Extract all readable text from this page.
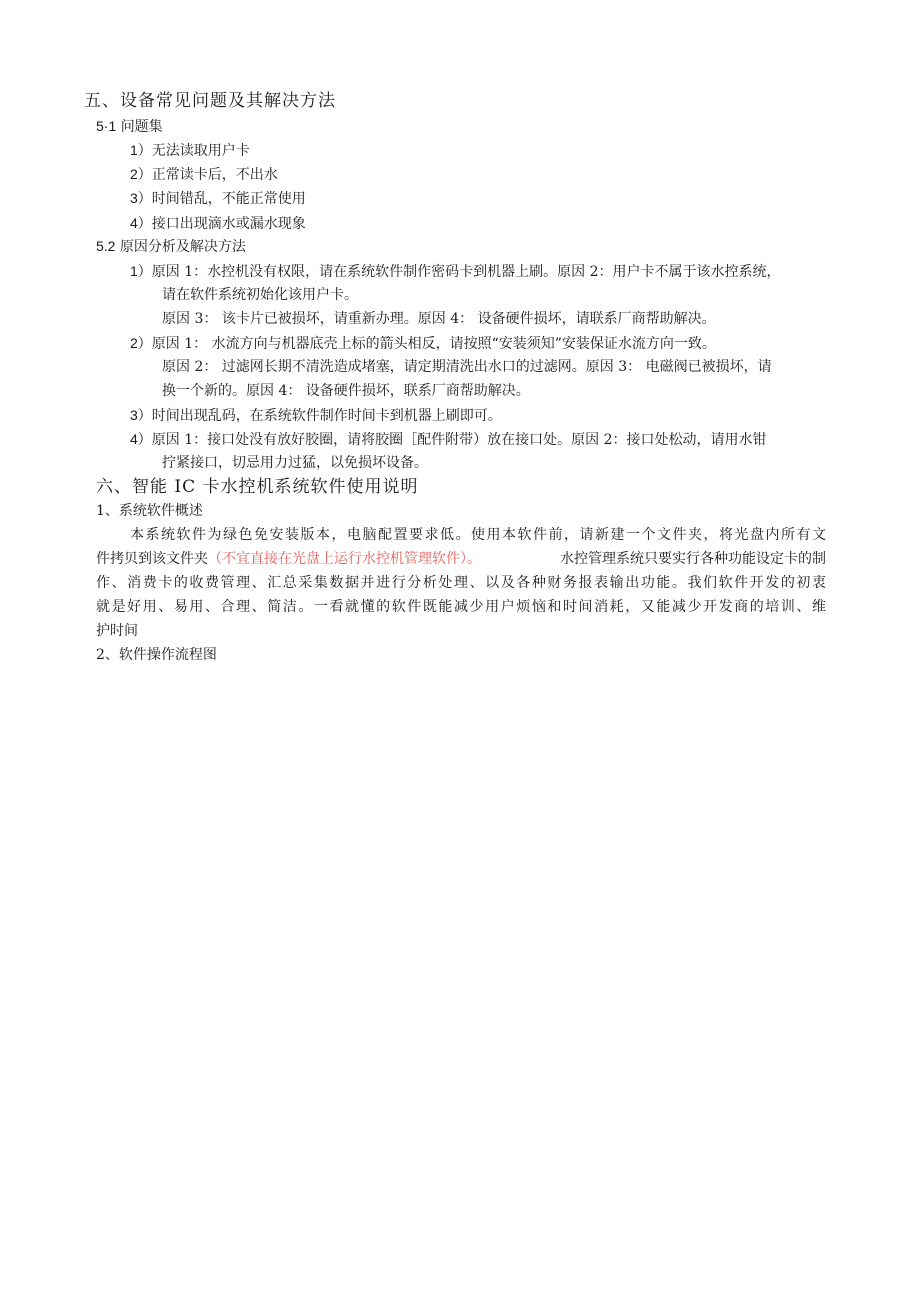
五、设备常见问题及其解决方法
5·1 问题集
1）无法读取用户卡
2）正常读卡后，不出水
3）时间错乱，不能正常使用
4）接口出现滴水或漏水现象
5.2 原因分析及解决方法
1）原因 1：水控机没有权限，请在系统软件制作密码卡到机器上刷。原因 2：用户卡不属于该水控系统，
请在软件系统初始化该用户卡。
原因 3： 该卡片已被损坏，请重新办理。原因 4： 设备硬件损坏，请联系厂商帮助解决。
2）原因 1： 水流方向与机器底壳上标的箭头相反，请按照“安装须知”安装保证水流方向一致。
原因 2： 过滤网长期不清洗造成堵塞，请定期清洗出水口的过滤网。原因 3： 电磁阀已被损坏，请
换一个新的。原因 4： 设备硬件损坏，联系厂商帮助解决。
3）时间出现乱码，在系统软件制作时间卡到机器上刷即可。
4）原因 1：接口处没有放好胶圈，请将胶圈［配件附带）放在接口处。原因 2：接口处松动，请用水钳
拧紧接口，切忌用力过猛，以免损坏设备。
六、智能 IC 卡水控机系统软件使用说明
1、系统软件概述
本系统软件为绿色免安装版本，电脑配置要求低。使用本软件前，请新建一个文件夹，将光盘内所有文
件拷贝到该文件夹（不宜直接在光盘上运行水控机管理软件）。	水控管理系统只要实行各种功能设定卡的制
作、消费卡的收费管理、汇总采集数据并进行分析处理、以及各种财务报表输出功能。我们软件开发的初衷
就是好用、易用、合理、简洁。一看就懂的软件既能减少用户烦恼和时间消耗，又能减少开发商的培训、维
护时间
2、软件操作流程图
